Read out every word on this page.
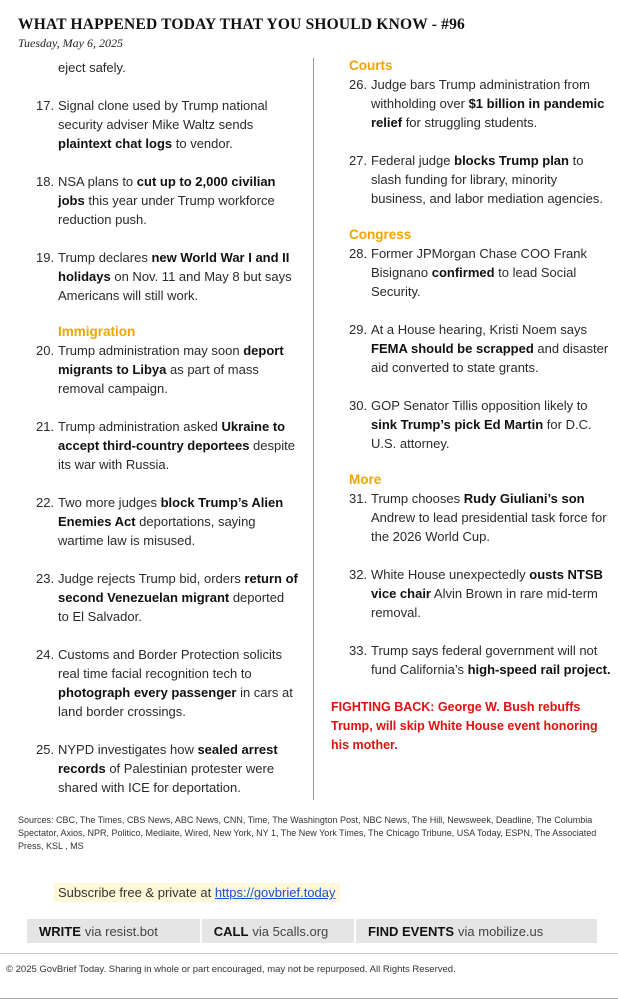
WHAT HAPPENED TODAY THAT YOU SHOULD KNOW - #96
Tuesday, May 6, 2025
eject safely.
17. Signal clone used by Trump national security adviser Mike Waltz sends plaintext chat logs to vendor.
18. NSA plans to cut up to 2,000 civilian jobs this year under Trump workforce reduction push.
19. Trump declares new World War I and II holidays on Nov. 11 and May 8 but says Americans will still work.
Immigration
20. Trump administration may soon deport migrants to Libya as part of mass removal campaign.
21. Trump administration asked Ukraine to accept third-country deportees despite its war with Russia.
22. Two more judges block Trump’s Alien Enemies Act deportations, saying wartime law is misused.
23. Judge rejects Trump bid, orders return of second Venezuelan migrant deported to El Salvador.
24. Customs and Border Protection solicits real time facial recognition tech to photograph every passenger in cars at land border crossings.
25. NYPD investigates how sealed arrest records of Palestinian protester were shared with ICE for deportation.
Courts
26. Judge bars Trump administration from withholding over $1 billion in pandemic relief for struggling students.
27. Federal judge blocks Trump plan to slash funding for library, minority business, and labor mediation agencies.
Congress
28. Former JPMorgan Chase COO Frank Bisignano confirmed to lead Social Security.
29. At a House hearing, Kristi Noem says FEMA should be scrapped and disaster aid converted to state grants.
30. GOP Senator Tillis opposition likely to sink Trump’s pick Ed Martin for D.C. U.S. attorney.
More
31. Trump chooses Rudy Giuliani’s son Andrew to lead presidential task force for the 2026 World Cup.
32. White House unexpectedly ousts NTSB vice chair Alvin Brown in rare mid-term removal.
33. Trump says federal government will not fund California’s high-speed rail project.
FIGHTING BACK: George W. Bush rebuffs Trump, will skip White House event honoring his mother.
Sources: CBC, The Times, CBS News, ABC News, CNN, Time, The Washington Post, NBC News, The Hill, Newsweek, Deadline, The Columbia Spectator, Axios, NPR, Politico, Mediaite, Wired, New York, NY 1, The New York Times, The Chicago Tribune, USA Today, ESPN, The Associated Press, KSL , MS
Subscribe free & private at https://govbrief.today
WRITE via resist.bot	CALL via 5calls.org	FIND EVENTS via mobilize.us
© 2025 GovBrief Today. Sharing in whole or part encouraged, may not be repurposed. All Rights Reserved.
